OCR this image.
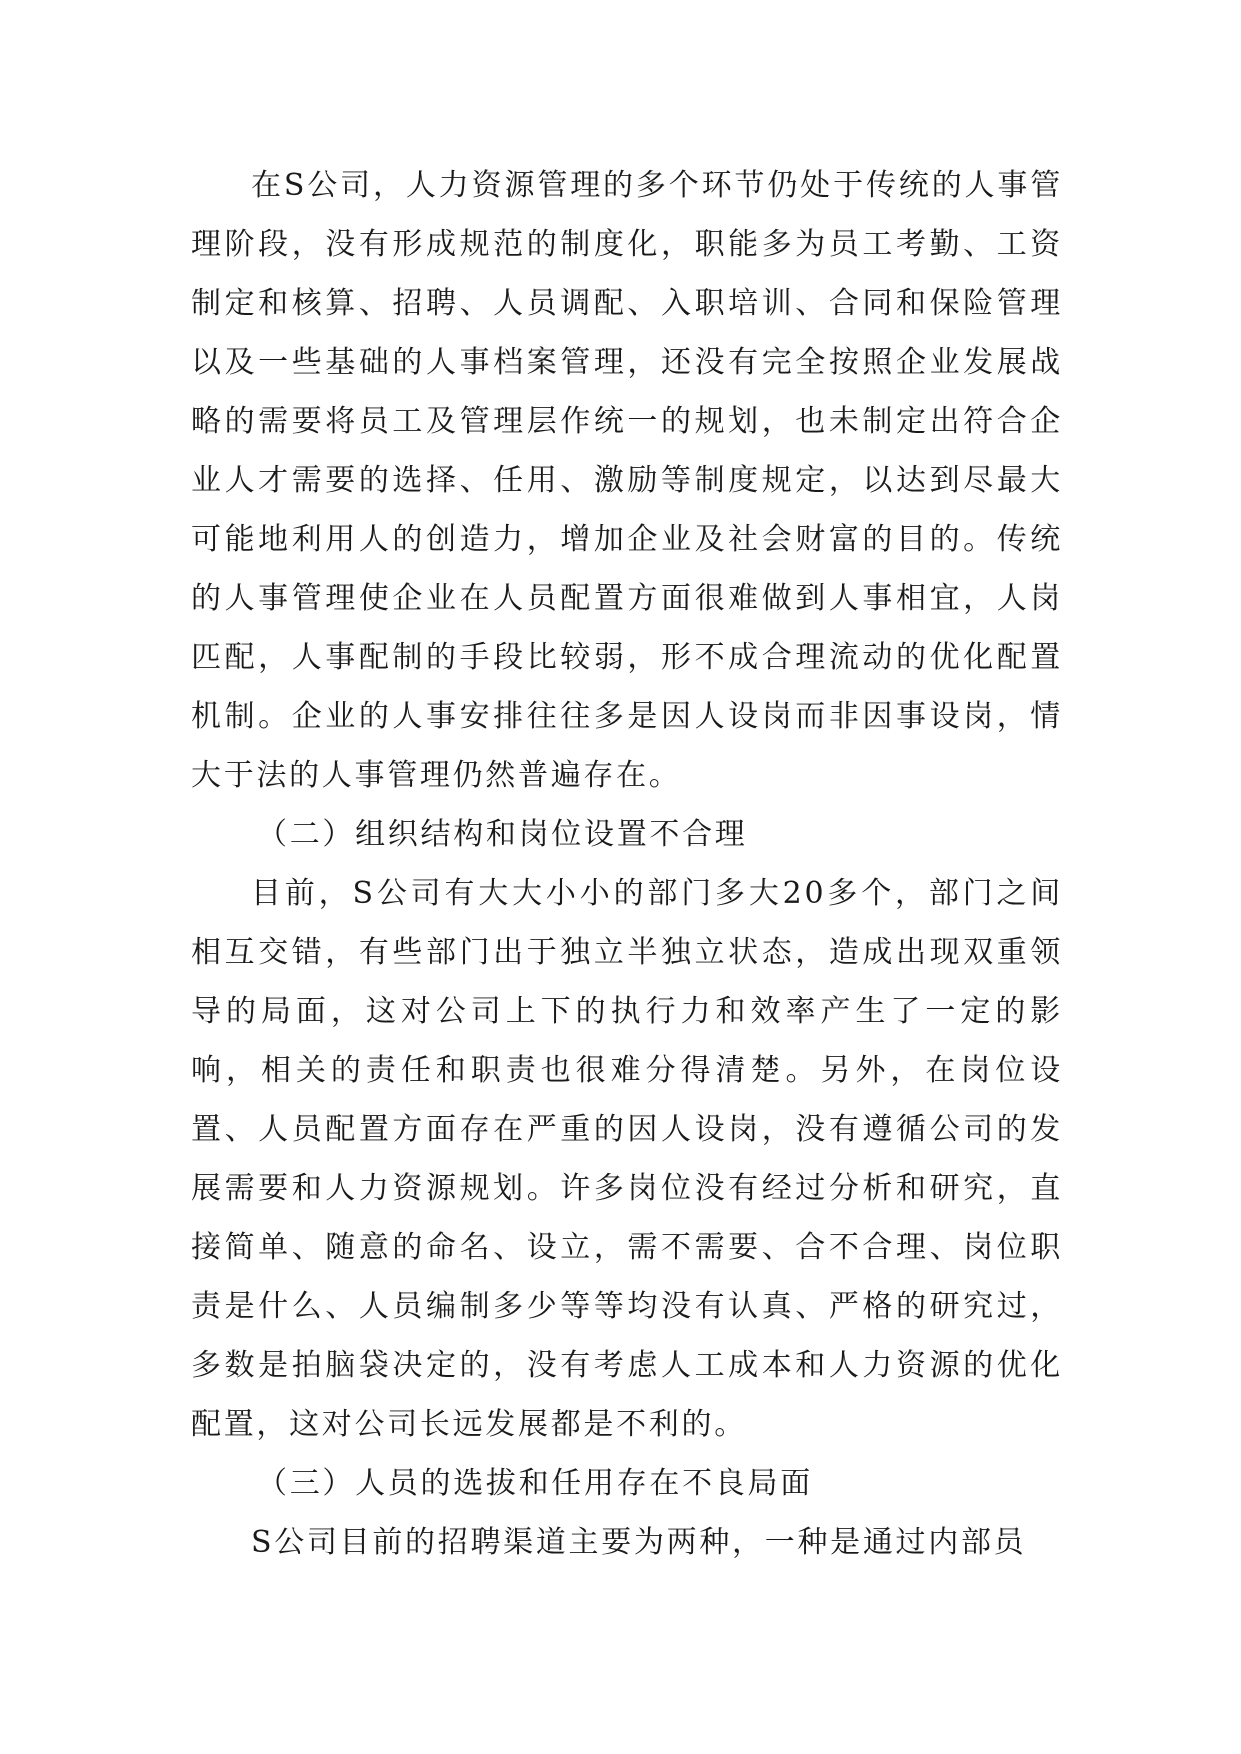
在S公司，人力资源管理的多个环节仍处于传统的人事管理阶段，没有形成规范的制度化，职能多为员工考勤、工资制定和核算、招聘、人员调配、入职培训、合同和保险管理以及一些基础的人事档案管理，还没有完全按照企业发展战略的需要将员工及管理层作统一的规划，也未制定出符合企业人才需要的选择、任用、激励等制度规定，以达到尽最大可能地利用人的创造力，增加企业及社会财富的目的。传统的人事管理使企业在人员配置方面很难做到人事相宜，人岗匹配，人事配制的手段比较弱，形不成合理流动的优化配置机制。企业的人事安排往往多是因人设岗而非因事设岗，情大于法的人事管理仍然普遍存在。

（二）组织结构和岗位设置不合理

目前，S公司有大大小小的部门多大20多个，部门之间相互交错，有些部门出于独立半独立状态，造成出现双重领导的局面，这对公司上下的执行力和效率产生了一定的影响，相关的责任和职责也很难分得清楚。另外，在岗位设置、人员配置方面存在严重的因人设岗，没有遵循公司的发展需要和人力资源规划。许多岗位没有经过分析和研究，直接简单、随意的命名、设立，需不需要、合不合理、岗位职责是什么、人员编制多少等等均没有认真、严格的研究过，多数是拍脑袋决定的，没有考虑人工成本和人力资源的优化配置，这对公司长远发展都是不利的。

（三）人员的选拔和任用存在不良局面

S公司目前的招聘渠道主要为两种，一种是通过内部员
